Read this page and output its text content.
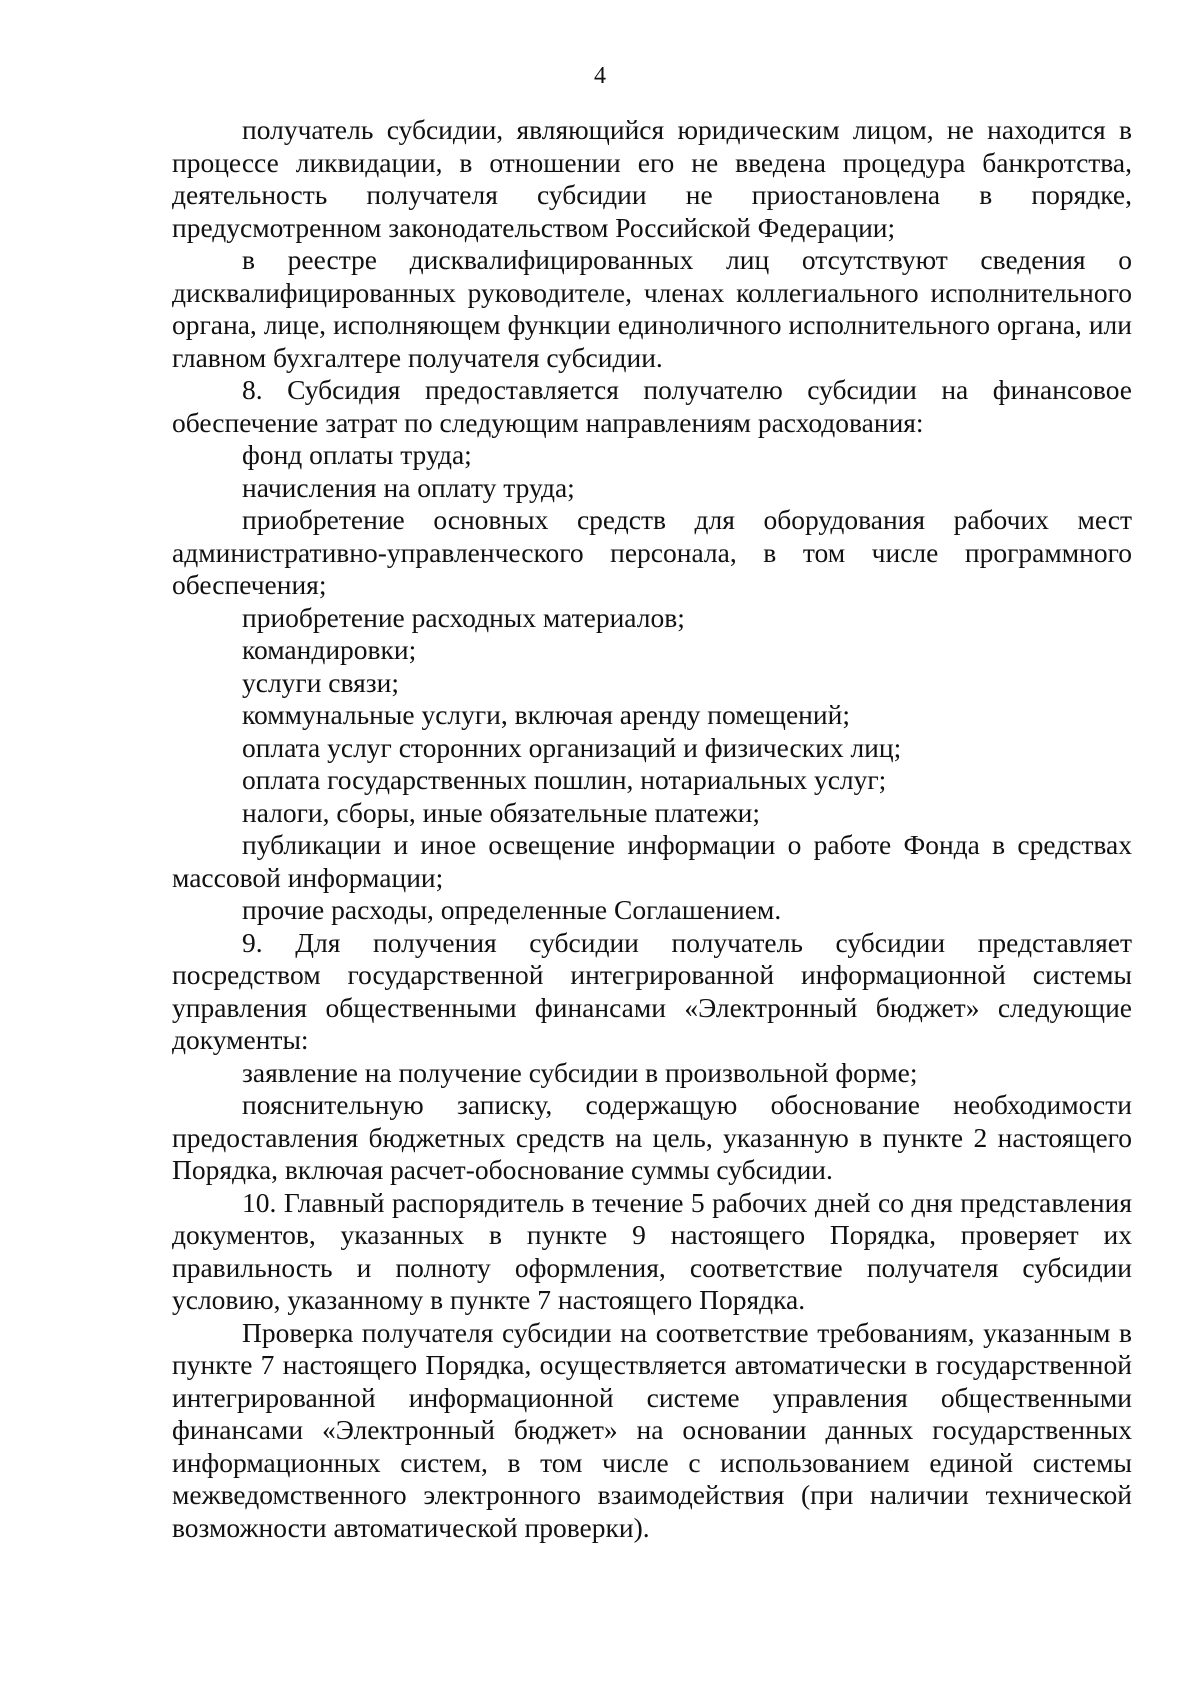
4

получатель субсидии, являющийся юридическим лицом, не находится в процессе ликвидации, в отношении его не введена процедура банкротства, деятельность получателя субсидии не приостановлена в порядке, предусмотренном законодательством Российской Федерации;

в реестре дисквалифицированных лиц отсутствуют сведения о дисквалифицированных руководителе, членах коллегиального исполнительного органа, лице, исполняющем функции единоличного исполнительного органа, или главном бухгалтере получателя субсидии.

8. Субсидия предоставляется получателю субсидии на финансовое обеспечение затрат по следующим направлениям расходования:

фонд оплаты труда;

начисления на оплату труда;

приобретение основных средств для оборудования рабочих мест административно-управленческого персонала, в том числе программного обеспечения;

приобретение расходных материалов;

командировки;

услуги связи;

коммунальные услуги, включая аренду помещений;

оплата услуг сторонних организаций и физических лиц;

оплата государственных пошлин, нотариальных услуг;

налоги, сборы, иные обязательные платежи;

публикации и иное освещение информации о работе Фонда в средствах массовой информации;

прочие расходы, определенные Соглашением.

9. Для получения субсидии получатель субсидии представляет посредством государственной интегрированной информационной системы управления общественными финансами «Электронный бюджет» следующие документы:

заявление на получение субсидии в произвольной форме;

пояснительную записку, содержащую обоснование необходимости предоставления бюджетных средств на цель, указанную в пункте 2 настоящего Порядка, включая расчет-обоснование суммы субсидии.

10. Главный распорядитель в течение 5 рабочих дней со дня представления документов, указанных в пункте 9 настоящего Порядка, проверяет их правильность и полноту оформления, соответствие получателя субсидии условию, указанному в пункте 7 настоящего Порядка.

Проверка получателя субсидии на соответствие требованиям, указанным в пункте 7 настоящего Порядка, осуществляется автоматически в государственной интегрированной информационной системе управления общественными финансами «Электронный бюджет» на основании данных государственных информационных систем, в том числе с использованием единой системы межведомственного электронного взаимодействия (при наличии технической возможности автоматической проверки).
